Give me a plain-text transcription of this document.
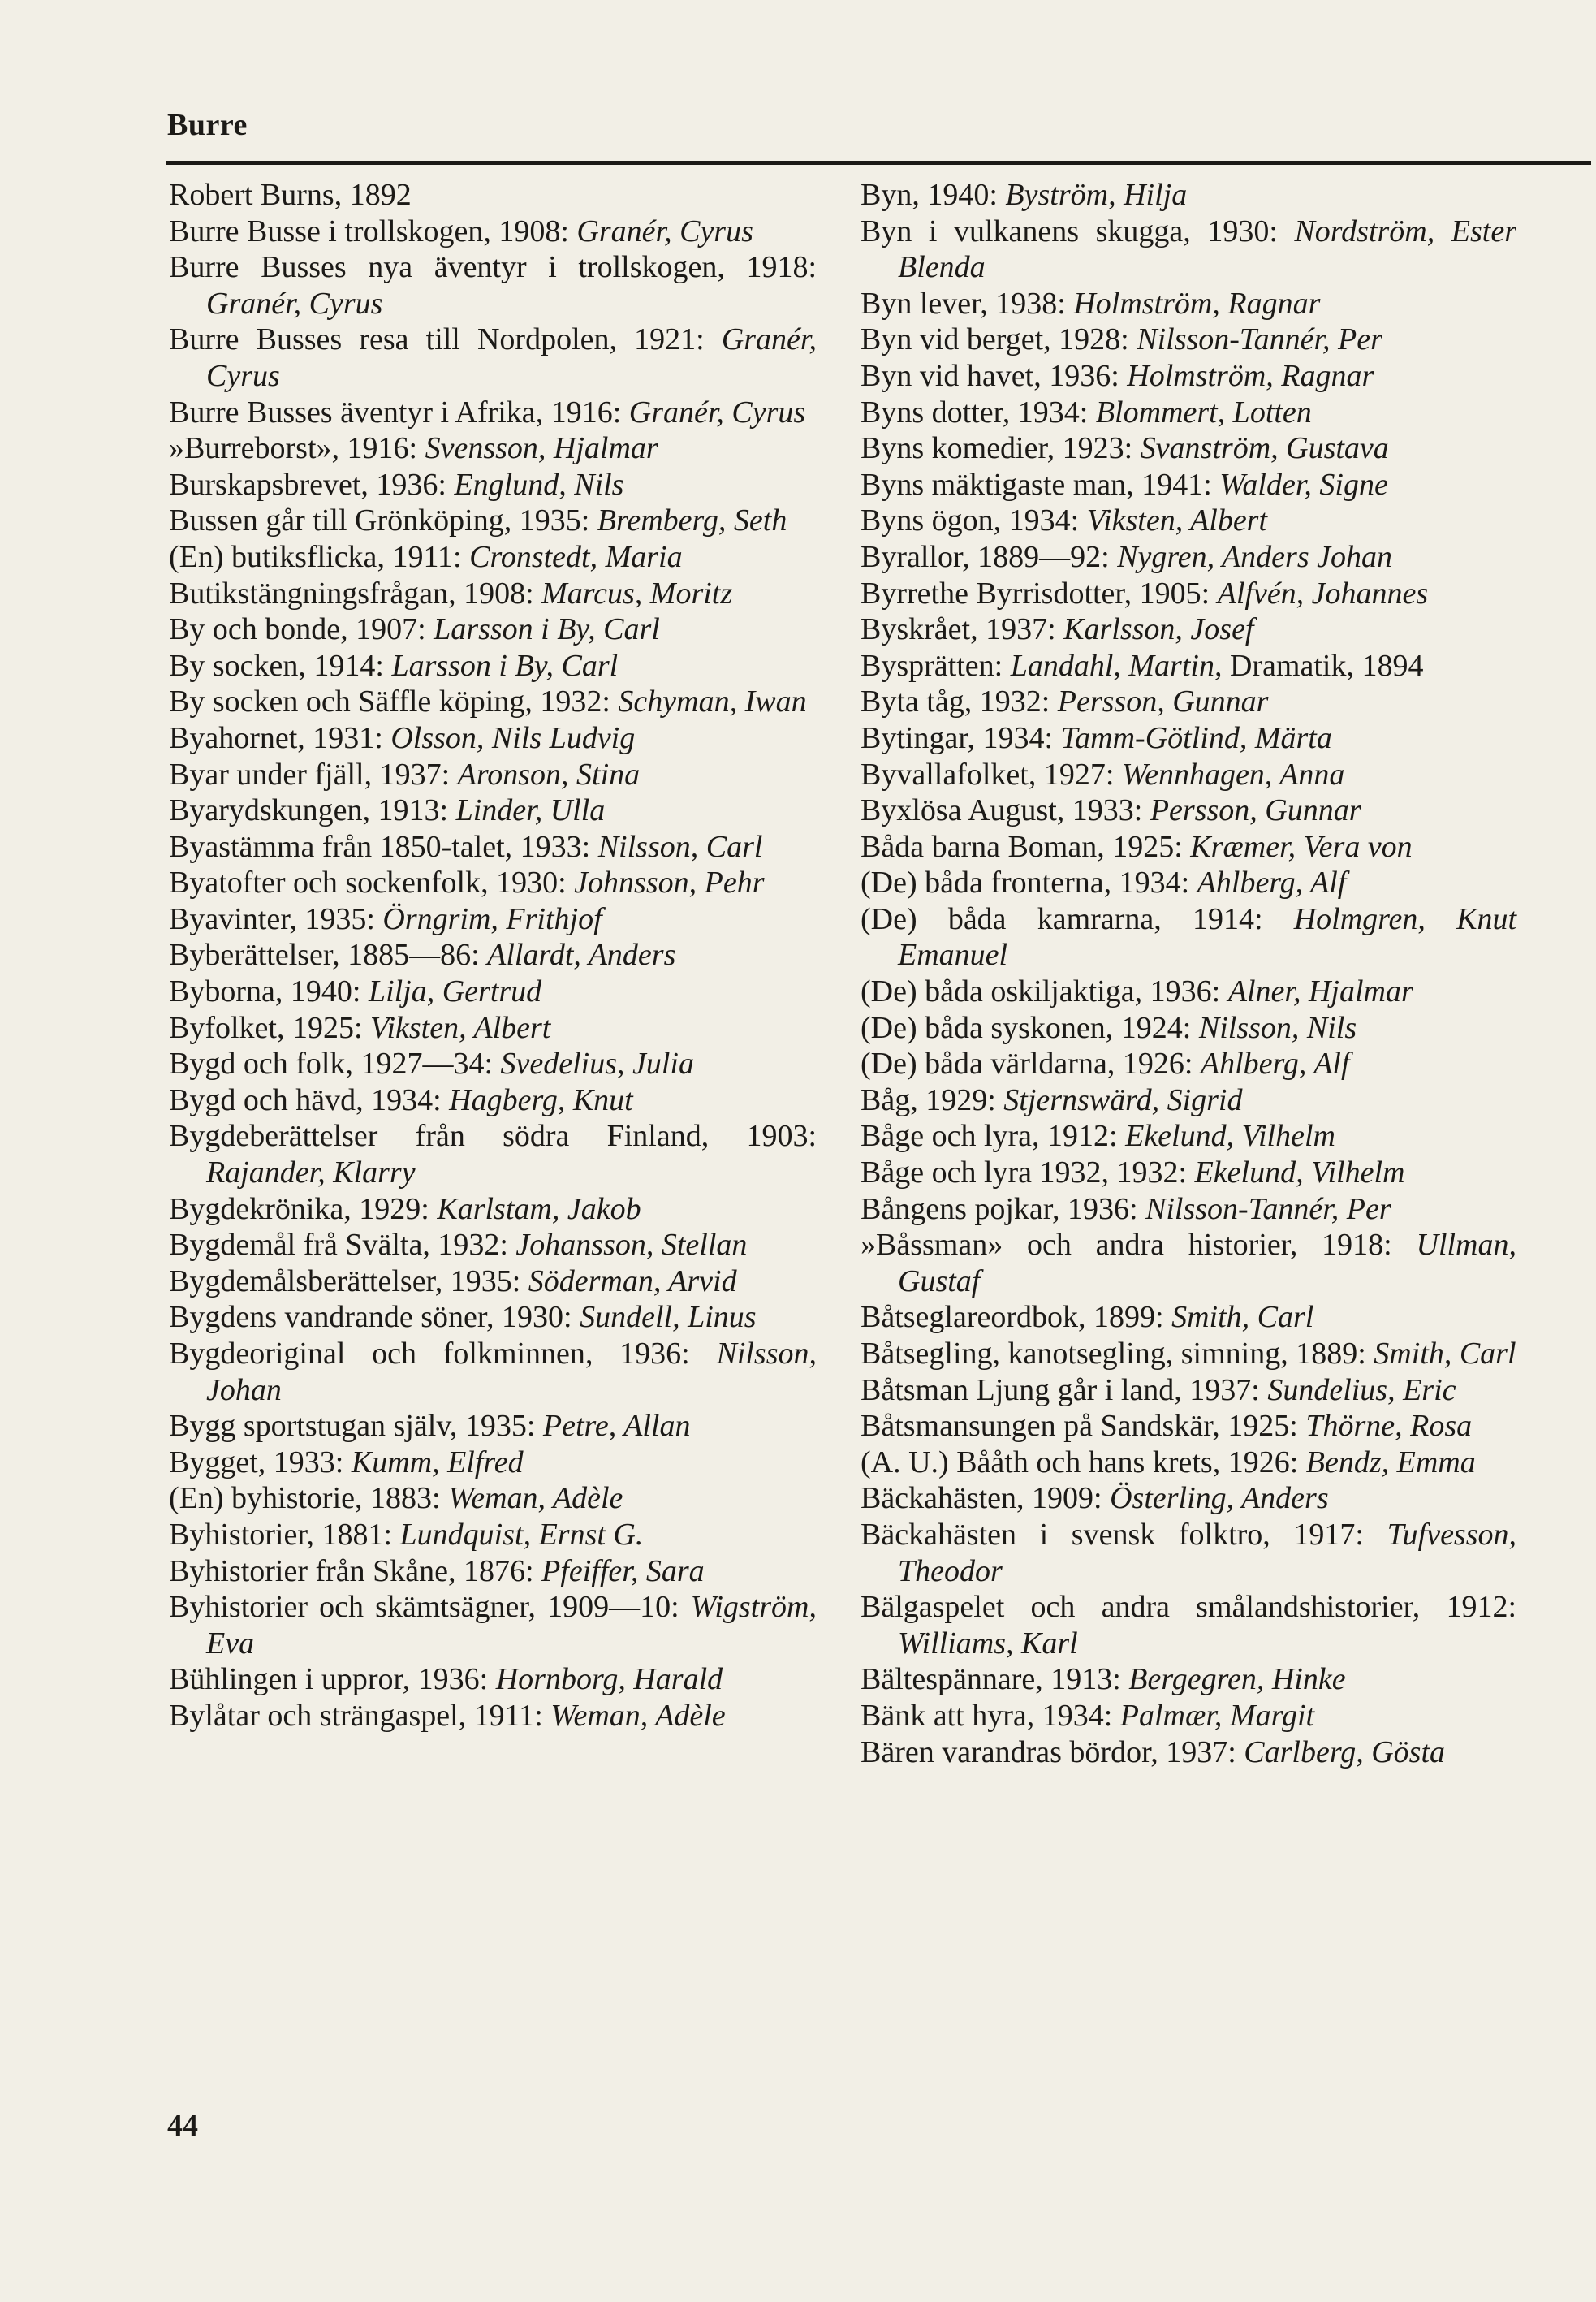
Burre
Robert Burns, 1892
Burre Busse i trollskogen, 1908: Granér, Cyrus
Burre Busses nya äventyr i trollskogen, 1918: Granér, Cyrus
Burre Busses resa till Nordpolen, 1921: Granér, Cyrus
Burre Busses äventyr i Afrika, 1916: Granér, Cyrus
»Burreborst», 1916: Svensson, Hjalmar
Burskapsbrevet, 1936: Englund, Nils
Bussen går till Grönköping, 1935: Bremberg, Seth
(En) butiksflicka, 1911: Cronstedt, Maria
Butikstängningsfrågan, 1908: Marcus, Moritz
By och bonde, 1907: Larsson i By, Carl
By socken, 1914: Larsson i By, Carl
By socken och Säffle köping, 1932: Schyman, Iwan
Byahornet, 1931: Olsson, Nils Ludvig
Byar under fjäll, 1937: Aronson, Stina
Byarydskungen, 1913: Linder, Ulla
Byastämma från 1850-talet, 1933: Nilsson, Carl
Byatofter och sockenfolk, 1930: Johnsson, Pehr
Byavinter, 1935: Örngrim, Frithjof
Byberättelser, 1885—86: Allardt, Anders
Byborna, 1940: Lilja, Gertrud
Byfolket, 1925: Viksten, Albert
Bygd och folk, 1927—34: Svedelius, Julia
Bygd och hävd, 1934: Hagberg, Knut
Bygdeberättelser från södra Finland, 1903: Rajander, Klarry
Bygdekrönika, 1929: Karlstam, Jakob
Bygdemål frå Svälta, 1932: Johansson, Stellan
Bygdemålsberättelser, 1935: Söderman, Arvid
Bygdens vandrande söner, 1930: Sundell, Linus
Bygdeoriginal och folkminnen, 1936: Nilsson, Johan
Bygg sportstugan själv, 1935: Petre, Allan
Bygget, 1933: Kumm, Elfred
(En) byhistorie, 1883: Weman, Adèle
Byhistorier, 1881: Lundquist, Ernst G.
Byhistorier från Skåne, 1876: Pfeiffer, Sara
Byhistorier och skämtsägner, 1909—10: Wigström, Eva
Bühlingen i uppror, 1936: Hornborg, Harald
Bylåtar och strängaspel, 1911: Weman, Adèle
Byn, 1940: Byström, Hilja
Byn i vulkanens skugga, 1930: Nordström, Ester Blenda
Byn lever, 1938: Holmström, Ragnar
Byn vid berget, 1928: Nilsson-Tannér, Per
Byn vid havet, 1936: Holmström, Ragnar
Byns dotter, 1934: Blommert, Lotten
Byns komedier, 1923: Svanström, Gustava
Byns mäktigaste man, 1941: Walder, Signe
Byns ögon, 1934: Viksten, Albert
Byrallor, 1889—92: Nygren, Anders Johan
Byrrethe Byrrisdotter, 1905: Alfvén, Johannes
Byskrået, 1937: Karlsson, Josef
Bysprätten: Landahl, Martin, Dramatik, 1894
Byta tåg, 1932: Persson, Gunnar
Bytingar, 1934: Tamm-Götlind, Märta
Byvallafolket, 1927: Wennhagen, Anna
Byxlösa August, 1933: Persson, Gunnar
Båda barna Boman, 1925: Kræmer, Vera von
(De) båda fronterna, 1934: Ahlberg, Alf
(De) båda kamrarna, 1914: Holmgren, Knut Emanuel
(De) båda oskiljaktiga, 1936: Alner, Hjalmar
(De) båda syskonen, 1924: Nilsson, Nils
(De) båda världarna, 1926: Ahlberg, Alf
Båg, 1929: Stjernswärd, Sigrid
Båge och lyra, 1912: Ekelund, Vilhelm
Båge och lyra 1932, 1932: Ekelund, Vilhelm
Bångens pojkar, 1936: Nilsson-Tannér, Per
»Båssman» och andra historier, 1918: Ullman, Gustaf
Båtseglareordbok, 1899: Smith, Carl
Båtsegling, kanotsegling, simning, 1889: Smith, Carl
Båtsman Ljung går i land, 1937: Sundelius, Eric
Båtsmansungen på Sandskär, 1925: Thörne, Rosa
(A. U.) Bååth och hans krets, 1926: Bendz, Emma
Bäckahästen, 1909: Österling, Anders
Bäckahästen i svensk folktro, 1917: Tufvesson, Theodor
Bälgaspelet och andra smålandshistorier, 1912: Williams, Karl
Bältespännare, 1913: Bergegren, Hinke
Bänk att hyra, 1934: Palmær, Margit
Bären varandras bördor, 1937: Carlberg, Gösta
44
